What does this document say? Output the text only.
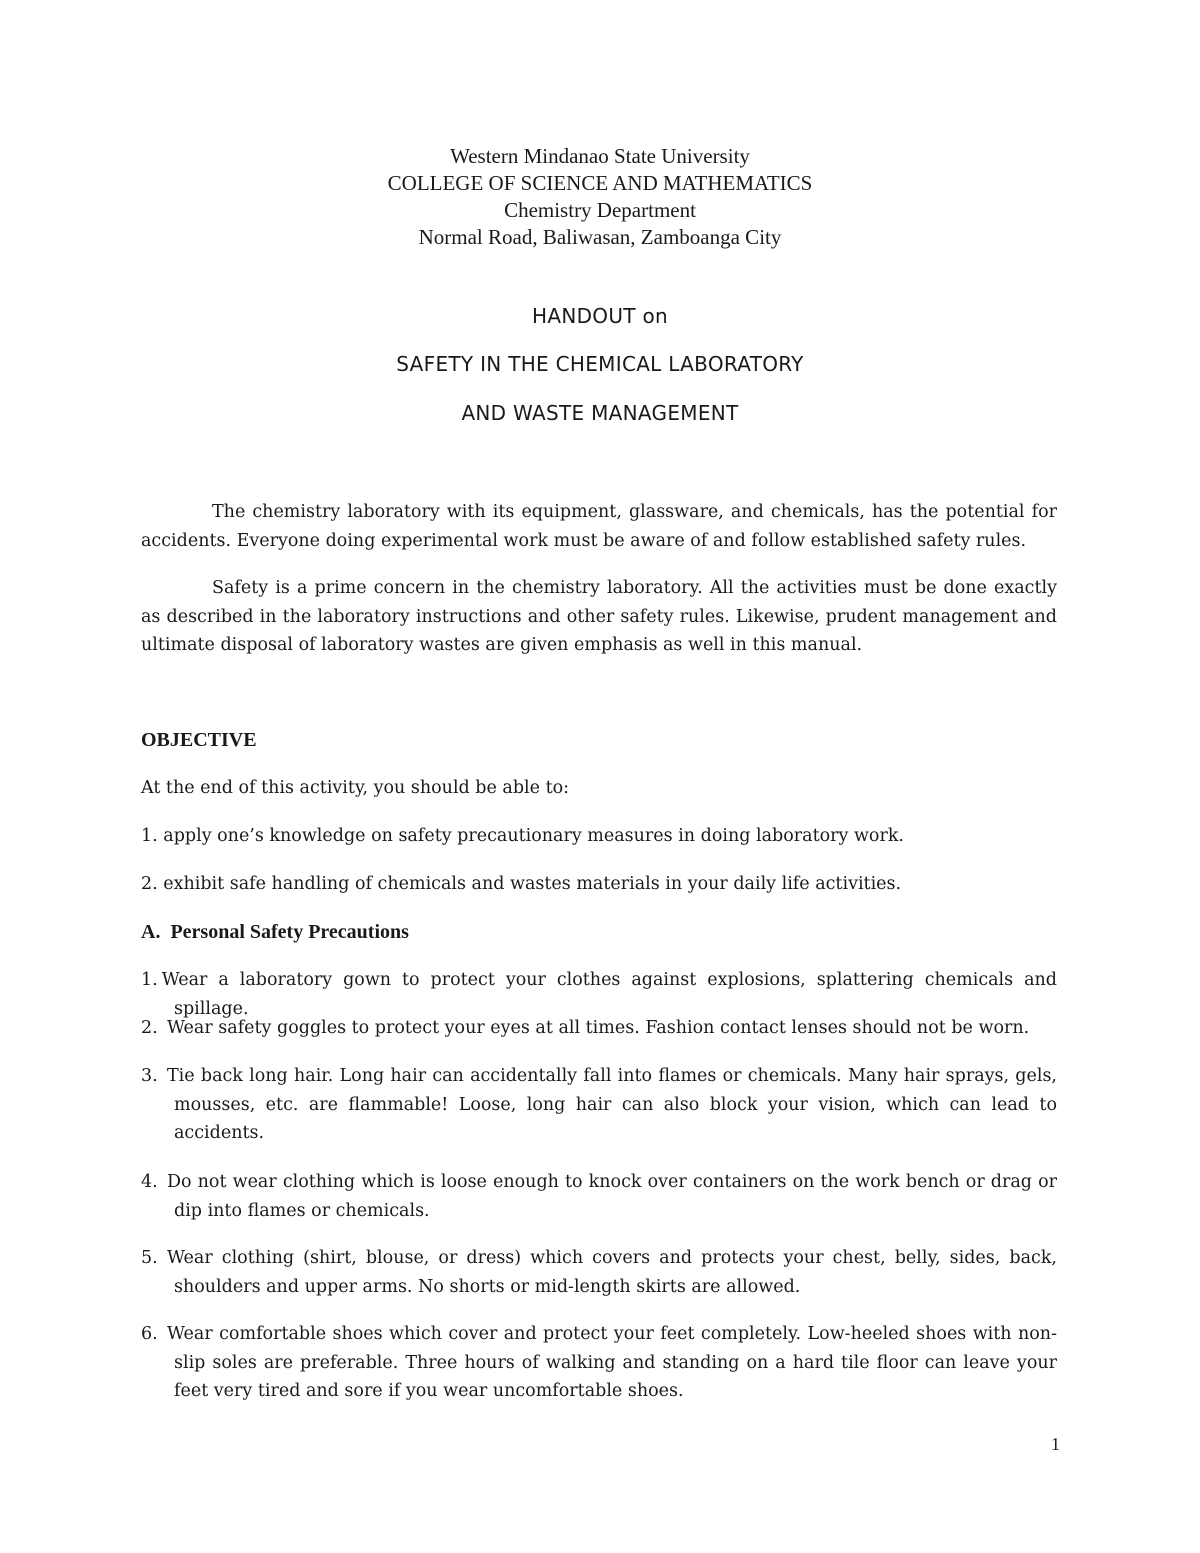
Western Mindanao State University
COLLEGE OF SCIENCE AND MATHEMATICS
Chemistry Department
Normal Road, Baliwasan, Zamboanga City
HANDOUT on
SAFETY IN THE CHEMICAL LABORATORY
AND WASTE MANAGEMENT
The chemistry laboratory with its equipment, glassware, and chemicals, has the potential for accidents. Everyone doing experimental work must be aware of and follow established safety rules.
Safety is a prime concern in the chemistry laboratory. All the activities must be done exactly as described in the laboratory instructions and other safety rules. Likewise, prudent management and ultimate disposal of laboratory wastes are given emphasis as well in this manual.
OBJECTIVE
At the end of this activity, you should be able to:
1. apply one’s knowledge on safety precautionary measures in doing laboratory work.
2. exhibit safe handling of chemicals and wastes materials in your daily life activities.
A.  Personal Safety Precautions
1. Wear a laboratory gown to protect your clothes against explosions, splattering chemicals and spillage.
2. Wear safety goggles to protect your eyes at all times. Fashion contact lenses should not be worn.
3. Tie back long hair. Long hair can accidentally fall into flames or chemicals. Many hair sprays, gels, mousses, etc. are flammable! Loose, long hair can also block your vision, which can lead to accidents.
4. Do not wear clothing which is loose enough to knock over containers on the work bench or drag or dip into flames or chemicals.
5. Wear clothing (shirt, blouse, or dress) which covers and protects your chest, belly, sides, back, shoulders and upper arms. No shorts or mid-length skirts are allowed.
6. Wear comfortable shoes which cover and protect your feet completely. Low-heeled shoes with non-slip soles are preferable. Three hours of walking and standing on a hard tile floor can leave your feet very tired and sore if you wear uncomfortable shoes.
1
